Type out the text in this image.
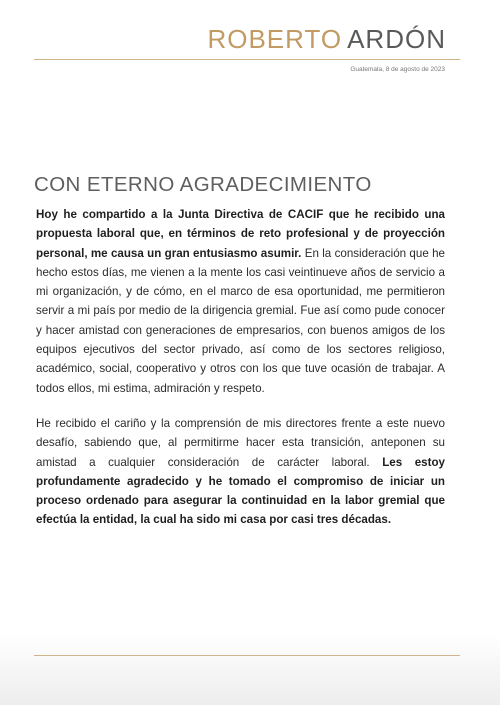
ROBERTO ARDÓN
Guatemala, 8 de agosto de 2023
CON ETERNO AGRADECIMIENTO

Hoy he compartido a la Junta Directiva de CACIF que he recibido una propuesta laboral que, en términos de reto profesional y de proyección personal, me causa un gran entusiasmo asumir. En la consideración que he hecho estos días, me vienen a la mente los casi veintinueve años de servicio a mi organización, y de cómo, en el marco de esa oportunidad, me permitieron servir a mi país por medio de la dirigencia gremial. Fue así como pude conocer y hacer amistad con generaciones de empresarios, con buenos amigos de los equipos ejecutivos del sector privado, así como de los sectores religioso, académico, social, cooperativo y otros con los que tuve ocasión de trabajar. A todos ellos, mi estima, admiración y respeto.

He recibido el cariño y la comprensión de mis directores frente a este nuevo desafío, sabiendo que, al permitirme hacer esta transición, anteponen su amistad a cualquier consideración de carácter laboral. Les estoy profundamente agradecido y he tomado el compromiso de iniciar un proceso ordenado para asegurar la continuidad en la labor gremial que efectúa la entidad, la cual ha sido mi casa por casi tres décadas.
